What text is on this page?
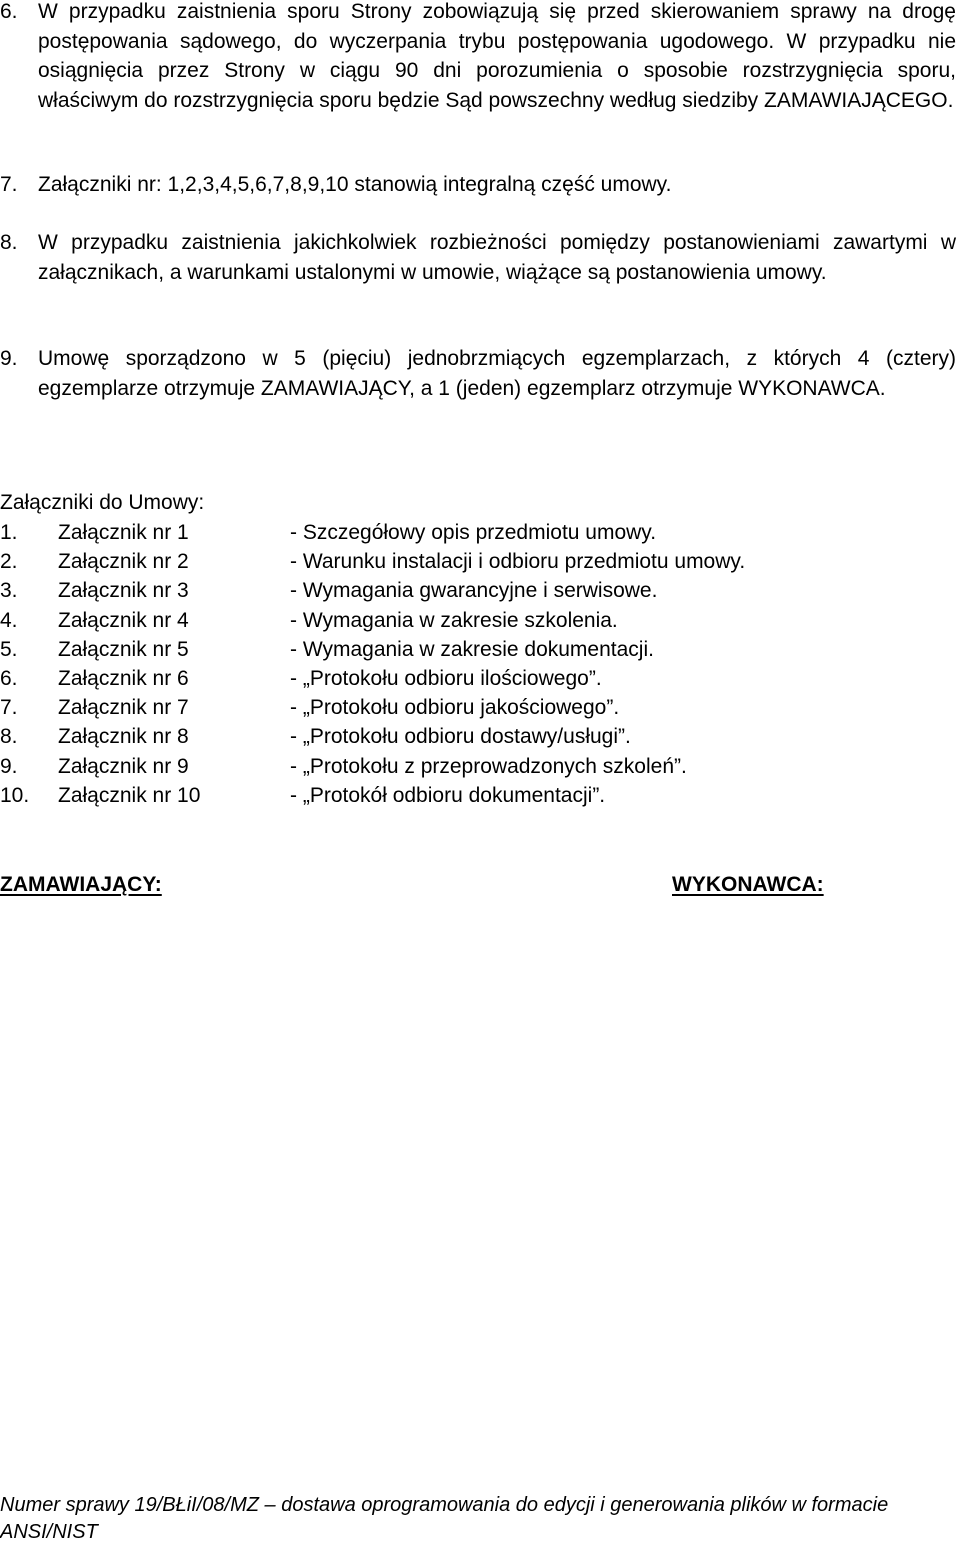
6. W przypadku zaistnienia sporu Strony zobowiązują się przed skierowaniem sprawy na drogę postępowania sądowego, do wyczerpania trybu postępowania ugodowego. W przypadku nie osiągnięcia przez Strony w ciągu 90 dni porozumienia o sposobie rozstrzygnięcia sporu, właściwym do rozstrzygnięcia sporu będzie Sąd powszechny według siedziby ZAMAWIAJĄCEGO.
7. Załączniki nr: 1,2,3,4,5,6,7,8,9,10 stanowią integralną część umowy.
8. W przypadku zaistnienia jakichkolwiek rozbieżności pomiędzy postanowieniami zawartymi w załącznikach, a warunkami ustalonymi w umowie, wiążące są postanowienia umowy.
9. Umowę sporządzono w 5 (pięciu) jednobrzmiących egzemplarzach, z których 4 (cztery) egzemplarze otrzymuje ZAMAWIAJĄCY, a 1 (jeden) egzemplarz otrzymuje WYKONAWCA.
Załączniki do Umowy:
1. Załącznik nr 1	- Szczegółowy opis przedmiotu umowy.
2. Załącznik nr 2	- Warunku instalacji i odbioru przedmiotu umowy.
3. Załącznik nr 3	- Wymagania gwarancyjne i serwisowe.
4. Załącznik nr 4	- Wymagania w zakresie szkolenia.
5. Załącznik nr 5	- Wymagania w zakresie dokumentacji.
6. Załącznik nr 6	- „Protokołu odbioru ilościowego”.
7. Załącznik nr 7	- „Protokołu odbioru jakościowego”.
8. Załącznik nr 8	- „Protokołu odbioru dostawy/usługi”.
9. Załącznik nr 9	- „Protokołu z przeprowadzonych szkoleń”.
10. Załącznik nr 10	- „Protokół odbioru dokumentacji”.
ZAMAWIAJĄCY:	WYKONAWCA:
Numer sprawy 19/BŁiI/08/MZ – dostawa oprogramowania do edycji i generowania plików w formacie ANSI/NIST
